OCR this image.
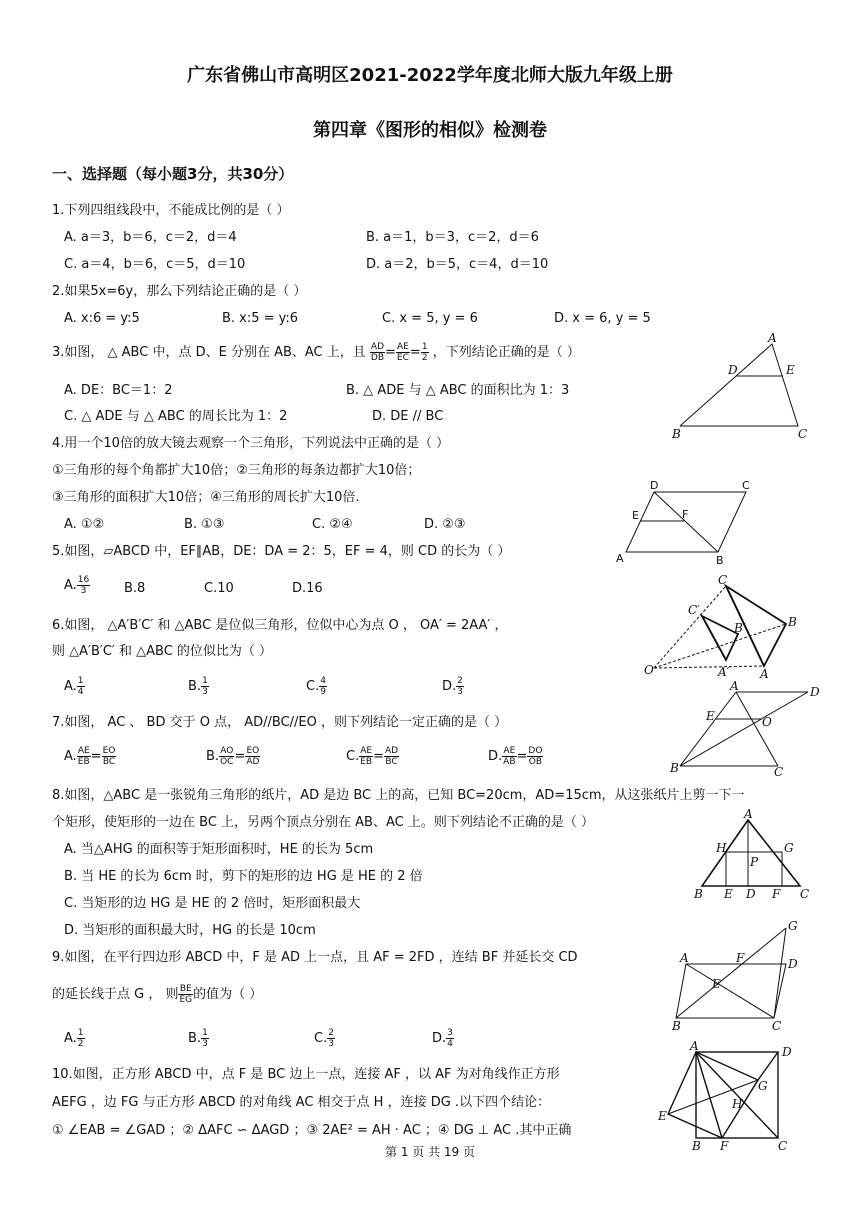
广东省佛山市高明区2021-2022学年度北师大版九年级上册
第四章《图形的相似》检测卷
一、选择题（每小题3分，共30分）
1.下列四组线段中，不能成比例的是（ ）
A. a＝3，b＝6，c＝2，d＝4	B. a＝1，b＝3，c＝2，d＝6
C. a＝4，b＝6，c＝5，d＝10	D. a＝2，b＝5，c＝4，d＝10
2.如果5x=6y，那么下列结论正确的是（ ）
A. x:6 = y:5	B. x:5 = y:6	C. x = 5, y = 6	D. x = 6, y = 5
3.如图， △ ABC 中，点 D、E 分别在 AB、AC 上，且 $\frac{AD}{DB} = \frac{AE}{EC} = \frac{1}{2}$ ，下列结论正确的是（ ）
A. DE：BC＝1：2	B. △ ADE 与 △ ABC 的面积比为 1：3
C. △ ADE 与 △ ABC 的周长比为 1：2	D. DE // BC
4.用一个10倍的放大镜去观察一个三角形，下列说法中正确的是（ ）
①三角形的每个角都扩大10倍；②三角形的每条边都扩大10倍；
③三角形的面积扩大10倍；④三角形的周长扩大10倍.
A. ①②	B. ①③	C. ②④	D. ②③
5.如图，▱ABCD 中，EF∥AB，DE：DA = 2：5，EF = 4，则 CD 的长为（ ）
A. $\frac{16}{3}$	B.8	C.10	D.16
6.如图， △A′B′C′ 和 △ABC 是位似三角形，位似中心为点 O ， OA′ = 2AA′ ，
则 △A′B′C′ 和 △ABC 的位似比为（ ）
A. $\frac{1}{4}$	B. $\frac{1}{3}$	C. $\frac{4}{9}$	D. $\frac{2}{3}$
7.如图， AC 、 BD 交于 O 点， AD//BC//EO ，则下列结论一定正确的是（ ）
A. $\frac{AE}{EB} = \frac{EO}{BC}$	B. $\frac{AO}{OC} = \frac{EO}{AD}$	C. $\frac{AE}{EB} = \frac{AD}{BC}$	D. $\frac{AE}{AB} = \frac{DO}{OB}$
8.如图，△ABC 是一张锐角三角形的纸片，AD 是边 BC 上的高，已知 BC=20cm，AD=15cm，从这张纸片上剪一下一
个矩形，使矩形的一边在 BC 上，另两个顶点分别在 AB、AC 上。则下列结论不正确的是（ ）
A. 当△AHG 的面积等于矩形面积时，HE 的长为 5cm
B. 当 HE 的长为 6cm 时，剪下的矩形的边 HG 是 HE 的 2 倍
C. 当矩形的边 HG 是 HE 的 2 倍时，矩形面积最大
D. 当矩形的面积最大时，HG 的长是 10cm
9.如图，在平行四边形 ABCD 中，F 是 AD 上一点，且 AF = 2FD ，连结 BF 并延长交 CD
的延长线于点 G ， 则 $\frac{BE}{EG}$ 的值为（ ）
A. $\frac{1}{2}$	B. $\frac{1}{3}$	C. $\frac{2}{3}$	D. $\frac{3}{4}$
10.如图，正方形 ABCD 中，点 F 是 BC 边上一点，连接 AF ，以 AF 为对角线作正方形
AEFG ，边 FG 与正方形 ABCD 的对角线 AC 相交于点 H ，连接 DG .以下四个结论：
① ∠EAB = ∠GAD ；② ΔAFC ∽ ΔAGD ；③ 2AE² = AH · AC ；④ DG ⊥ AC .其中正确
第 1 页 共 19 页
A
D	E
B	C
D	C
E	F
A	B
C
C′
B′	B
O	A′	A
A	D
E	O
B	C
A
H	G
P
B E D F C
G
A	F	D
E
B	C
A	D
G
H
E
B F	C
